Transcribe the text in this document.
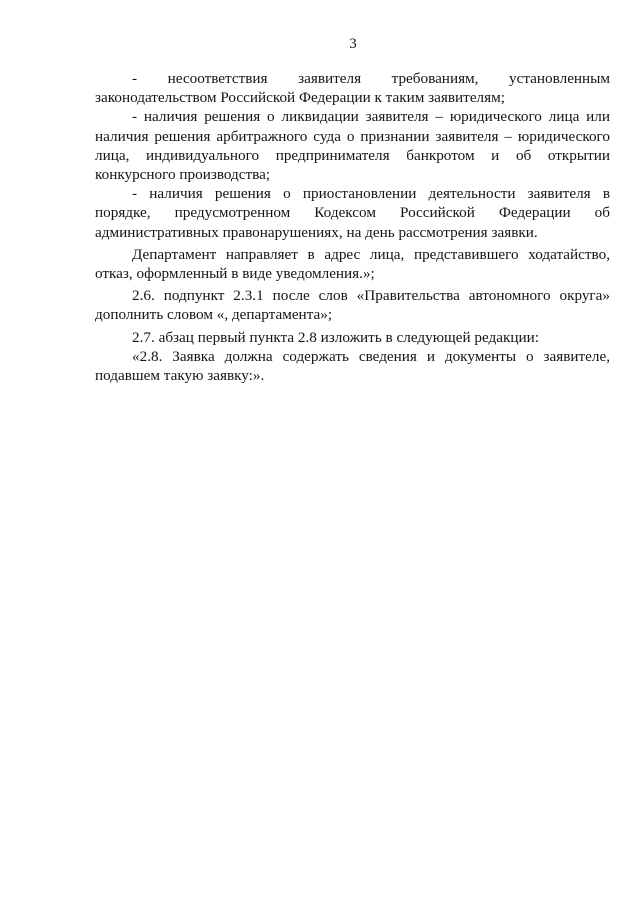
3

- несоответствия заявителя требованиям, установленным законодательством Российской Федерации к таким заявителям;

- наличия решения о ликвидации заявителя – юридического лица или наличия решения арбитражного суда о признании заявителя – юридического лица, индивидуального предпринимателя банкротом и об открытии конкурсного производства;

- наличия решения о приостановлении деятельности заявителя в порядке, предусмотренном Кодексом Российской Федерации об административных правонарушениях, на день рассмотрения заявки.

Департамент направляет в адрес лица, представившего ходатайство, отказ, оформленный в виде уведомления.»;

2.6. подпункт 2.3.1 после слов «Правительства автономного округа» дополнить словом «, департамента»;

2.7. абзац первый пункта 2.8 изложить в следующей редакции:

«2.8. Заявка должна содержать сведения и документы о заявителе, подавшем такую заявку:».
